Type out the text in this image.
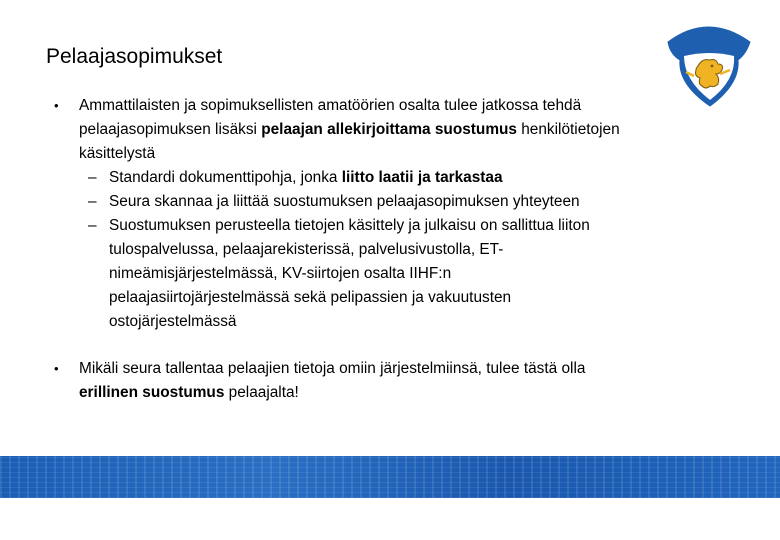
Pelaajasopimukset
SUOMI
• Ammattilaisten ja sopimuksellisten amatöörien osalta tulee jatkossa tehdä pelaajasopimuksen lisäksi pelaajan allekirjoittama suostumus henkilötietojen käsittelystä
– Standardi dokumenttipohja, jonka liitto laatii ja tarkastaa
– Seura skannaa ja liittää suostumuksen pelaajasopimuksen yhteyteen
– Suostumuksen perusteella tietojen käsittely ja julkaisu on sallittua liiton tulospalvelussa, pelaajarekisterissä, palvelusivustolla, ET-nimeämisjärjestelmässä, KV-siirtojen osalta IIHF:n pelaajasiirtojärjestelmässä sekä pelipassien ja vakuutusten ostojärjestelmässä
• Mikäli seura tallentaa pelaajien tietoja omiin järjestelmiinsä, tulee tästä olla erillinen suostumus pelaajalta!
